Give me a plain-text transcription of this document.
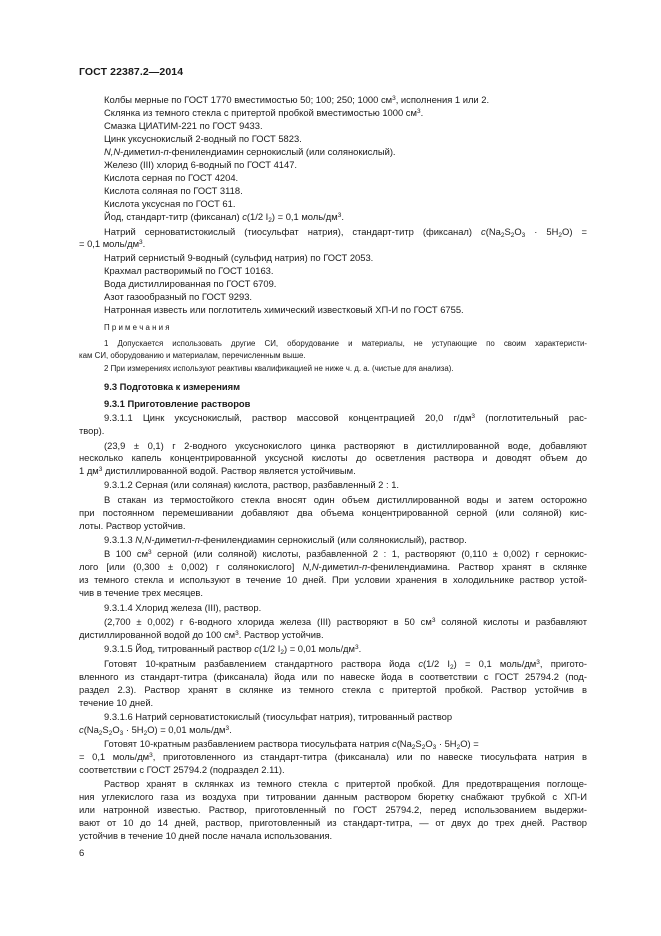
ГОСТ 22387.2—2014
Колбы мерные по ГОСТ 1770 вместимостью 50; 100; 250; 1000 $см^3$, исполнения 1 или 2.
Склянка из темного стекла с притертой пробкой вместимостью 1000 $см^3$.
Смазка ЦИАТИМ-221 по ГОСТ 9433.
Цинк уксуснокислый 2-водный по ГОСТ 5823.
N,N-диметил-п-фенилендиамин сернокислый (или солянокислый).
Железо (III) хлорид 6-водный по ГОСТ 4147.
Кислота серная по ГОСТ 4204.
Кислота соляная по ГОСТ 3118.
Кислота уксусная по ГОСТ 61.
Йод, стандарт-титр (фиксанал) c(1/2 $I_2) = 0,1$ моль/$дм^3$.
Натрий серноватистокислый (тиосульфат натрия), стандарт-титр (фиксанал) $c(Na_2S_2O_3 \cdot 5H_2O)$ =
= 0,1 моль/$дм^3$.
Натрий сернистый 9-водный (сульфид натрия) по ГОСТ 2053.
Крахмал растворимый по ГОСТ 10163.
Вода дистиллированная по ГОСТ 6709.
Азот газообразный по ГОСТ 9293.
Натронная известь или поглотитель химический известковый ХП-И по ГОСТ 6755.
П р и м е ч а н и я
1 Допускается использовать другие СИ, оборудование и материалы, не уступающие по своим характеристи-
кам СИ, оборудованию и материалам, перечисленным выше.
2 При измерениях используют реактивы квалификацией не ниже ч. д. а. (чистые для анализа).
9.3 Подготовка к измерениям
9.3.1 Приготовление растворов
9.3.1.1 Цинк уксуснокислый, раствор массовой концентрацией 20,0 $г/дм^3$ (поглотительный рас-
твор).
(23,9 ± 0,1) г 2-водного уксуснокислого цинка растворяют в дистиллированной воде, добавляют
несколько капель концентрированной уксусной кислоты до осветления раствора и доводят объем до
1 $дм^3$ дистиллированной водой. Раствор является устойчивым.
9.3.1.2 Серная (или соляная) кислота, раствор, разбавленный 2 : 1.
В стакан из термостойкого стекла вносят один объем дистиллированной воды и затем осторожно
при постоянном перемешивании добавляют два объема концентрированной серной (или соляной) кис-
лоты. Раствор устойчив.
9.3.1.3 N,N-диметил-п-фенилендиамин сернокислый (или солянокислый), раствор.
В 100 $см^3$ серной (или соляной) кислоты, разбавленной 2 : 1, растворяют (0,110 ± 0,002) г сернокис-
лого [или (0,300 ± 0,002) г солянокислого] N,N-диметил-п-фенилендиамина. Раствор хранят в склянке
из темного стекла и используют в течение 10 дней. При условии хранения в холодильнике раствор устой-
чив в течение трех месяцев.
9.3.1.4 Хлорид железа (III), раствор.
(2,700 ± 0,002) г 6-водного хлорида железа (III) растворяют в 50 $см^3$ соляной кислоты и разбавляют
дистиллированной водой до 100 $см^3$. Раствор устойчив.
9.3.1.5 Йод, титрованный раствор c(1/2 $I_2) = 0,01$ моль/$дм^3$.
Готовят 10-кратным разбавлением стандартного раствора йода c(1/2 $I_2) = 0,1$ моль/$дм^3$, пригото-
вленного из стандарт-титра (фиксанала) йода или по навеске йода в соответствии с ГОСТ 25794.2 (под-
раздел 2.3). Раствор хранят в склянке из темного стекла с притертой пробкой. Раствор устойчив в
течение 10 дней.
9.3.1.6 Натрий серноватистокислый (тиосульфат натрия), титрованный раствор
$c(Na_2S_2O_3 \cdot 5H_2O) = 0,01$ моль/$дм^3$.
Готовят 10-кратным разбавлением раствора тиосульфата натрия $c(Na_2S_2O_3 \cdot 5H_2O)$ =
= 0,1 моль/$дм^3$, приготовленного из стандарт-титра (фиксанала) или по навеске тиосульфата натрия в
соответствии с ГОСТ 25794.2 (подраздел 2.11).
Раствор хранят в склянках из темного стекла с притертой пробкой. Для предотвращения поглоще-
ния углекислого газа из воздуха при титровании данным раствором бюретку снабжают трубкой с ХП-И
или натронной известью. Раствор, приготовленный по ГОСТ 25794.2, перед использованием выдержи-
вают от 10 до 14 дней, раствор, приготовленный из стандарт-титра, — от двух до трех дней. Раствор
устойчив в течение 10 дней после начала использования.
6
